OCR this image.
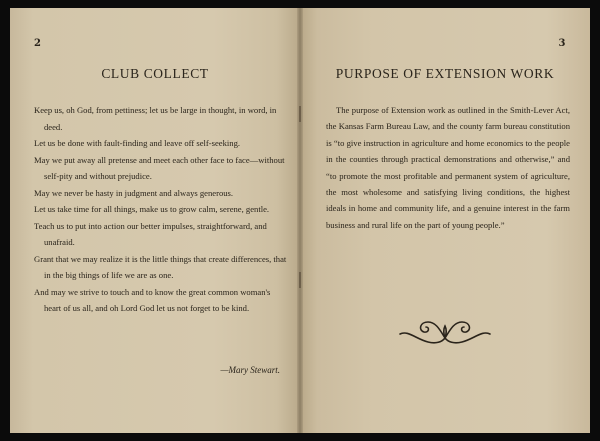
2
CLUB COLLECT

Keep us, oh God, from pettiness; let us be large in thought, in word, in deed.

Let us be done with fault-finding and leave off self-seeking.

May we put away all pretense and meet each other face to face—without self-pity and without prejudice.

May we never be hasty in judgment and always generous.

Let us take time for all things, make us to grow calm, serene, gentle.

Teach us to put into action our better impulses, straightforward, and unafraid.

Grant that we may realize it is the little things that create differences, that in the big things of life we are as one.

And may we strive to touch and to know the great common woman's heart of us all, and oh Lord God let us not forget to be kind.

—Mary Stewart.
3
PURPOSE OF EXTENSION WORK

The purpose of Extension work as outlined in the Smith-Lever Act, the Kansas Farm Bureau Law, and the county farm bureau constitution is “to give instruction in agriculture and home economics to the people in the counties through practical demonstrations and otherwise,” and “to promote the most profitable and permanent system of agriculture, the most wholesome and satisfying living conditions, the highest ideals in home and community life, and a genuine interest in the farm business and rural life on the part of young people.”
